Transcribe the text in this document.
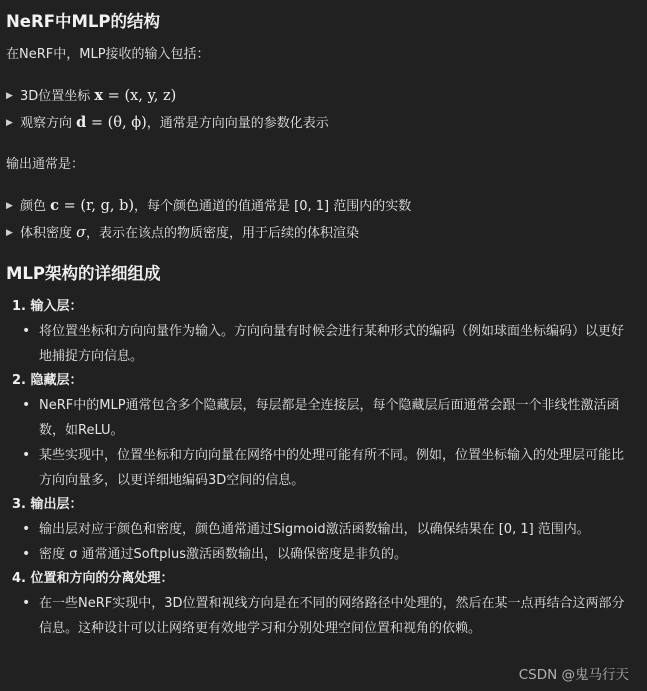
NeRF中MLP的结构
在NeRF中，MLP接收的输入包括：
▶ 3D位置坐标 x = (x, y, z)
▶ 观察方向 d = (θ, ϕ)，通常是方向向量的参数化表示
输出通常是：
▶ 颜色 c = (r, g, b)，每个颜色通道的值通常是 [0, 1] 范围内的实数
▶ 体积密度 σ，表示在该点的物质密度，用于后续的体积渲染
MLP架构的详细组成
1. 输入层：
• 将位置坐标和方向向量作为输入。方向向量有时候会进行某种形式的编码（例如球面坐标编码）以更好地捕捉方向信息。
2. 隐藏层：
• NeRF中的MLP通常包含多个隐藏层，每层都是全连接层，每个隐藏层后面通常会跟一个非线性激活函数，如ReLU。
• 某些实现中，位置坐标和方向向量在网络中的处理可能有所不同。例如，位置坐标输入的处理层可能比方向向量多，以更详细地编码3D空间的信息。
3. 输出层：
• 输出层对应于颜色和密度，颜色通常通过Sigmoid激活函数输出，以确保结果在 [0, 1] 范围内。
• 密度 σ 通常通过Softplus激活函数输出，以确保密度是非负的。
4. 位置和方向的分离处理：
• 在一些NeRF实现中，3D位置和视线方向是在不同的网络路径中处理的，然后在某一点再结合这两部分信息。这种设计可以让网络更有效地学习和分别处理空间位置和视角的依赖。
CSDN @鬼马行天
